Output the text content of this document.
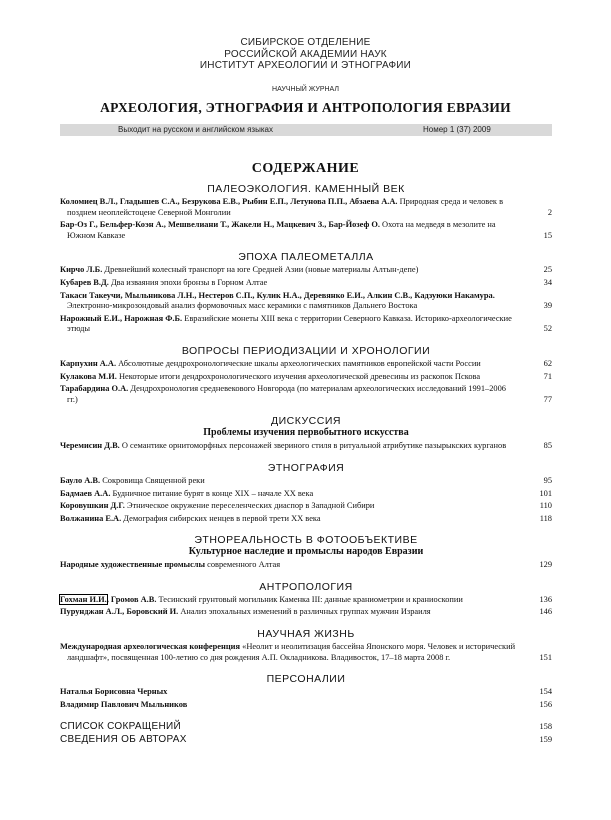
СИБИРСКОЕ ОТДЕЛЕНИЕ
РОССИЙСКОЙ АКАДЕМИИ НАУК
ИНСТИТУТ АРХЕОЛОГИИ И ЭТНОГРАФИИ
НАУЧНЫЙ ЖУРНАЛ
АРХЕОЛОГИЯ, ЭТНОГРАФИЯ И АНТРОПОЛОГИЯ ЕВРАЗИИ
Выходит на русском и английском языках	Номер 1 (37) 2009
СОДЕРЖАНИЕ
ПАЛЕОЭКОЛОГИЯ. КАМЕННЫЙ ВЕК
Коломиец В.Л., Гладышев С.А., Безрукова Е.В., Рыбин Е.П., Летунова П.П., Абзаева А.А. Природная среда и человек в позднем неоплейстоцене Северной Монголии	2
Бар-Оз Г., Бельфер-Коэн А., Мешвелиани Т., Жакели Н., Мацкевич З., Бар-Йозеф О. Охота на медведя в мезолите на Южном Кавказе	15
ЭПОХА ПАЛЕОМЕТАЛЛА
Кирчо Л.Б. Древнейший колесный транспорт на юге Средней Азии (новые материалы Алтын-депе)	25
Кубарев В.Д. Два изваяния эпохи бронзы в Горном Алтае	34
Такаси Такеучи, Мыльникова Л.Н., Нестеров С.П., Кулик Н.А., Деревянко Е.И., Алкин С.В., Кадзуюки Накамура. Электронно-микрозондовый анализ формовочных масс керамики с памятников Дальнего Востока	39
Нарожный Е.И., Нарожная Ф.Б. Евразийские монеты XIII века с территории Северного Кавказа. Историко-археологические этюды	52
ВОПРОСЫ ПЕРИОДИЗАЦИИ И ХРОНОЛОГИИ
Карпухин А.А. Абсолютные дендрохронологические шкалы археологических памятников европейской части России	62
Кулакова М.И. Некоторые итоги дендрохронологического изучения археологической древесины из раскопок Пскова	71
Тарабардина О.А. Дендрохронология средневекового Новгорода (по материалам археологических исследований 1991–2006 гг.)	77
ДИСКУССИЯ
Проблемы изучения первобытного искусства
Черемисин Д.В. О семантике орнитоморфных персонажей звериного стиля в ритуальной атрибутике пазырыкских курганов	85
ЭТНОГРАФИЯ
Бауло А.В. Сокровища Священной реки	95
Бадмаев А.А. Будничное питание бурят в конце XIX – начале XX века	101
Коровушкин Д.Г. Этническое окружение переселенческих диаспор в Западной Сибири	110
Волжанина Е.А. Демография сибирских ненцев в первой трети XX века	118
ЭТНОРЕАЛЬНОСТЬ В ФОТООБЪЕКТИВЕ
Культурное наследие и промыслы народов Евразии
Народные художественные промыслы современного Алтая	129
АНТРОПОЛОГИЯ
Гохман И.И., Громов А.В. Тесинский грунтовый могильник Каменка III: данные краниометрии и краниоскопии	136
Пурунджан А.Л., Боровский И. Анализ эпохальных изменений в различных группах мужчин Израиля	146
НАУЧНАЯ ЖИЗНЬ
Международная археологическая конференция «Неолит и неолитизация бассейна Японского моря. Человек и исторический ландшафт», посвященная 100-летию со дня рождения А.П. Окладникова. Владивосток, 17–18 марта 2008 г.	151
ПЕРСОНАЛИИ
Наталья Борисовна Черных	154
Владимир Павлович Мыльников	156
СПИСОК СОКРАЩЕНИЙ	158
СВЕДЕНИЯ ОБ АВТОРАХ	159
